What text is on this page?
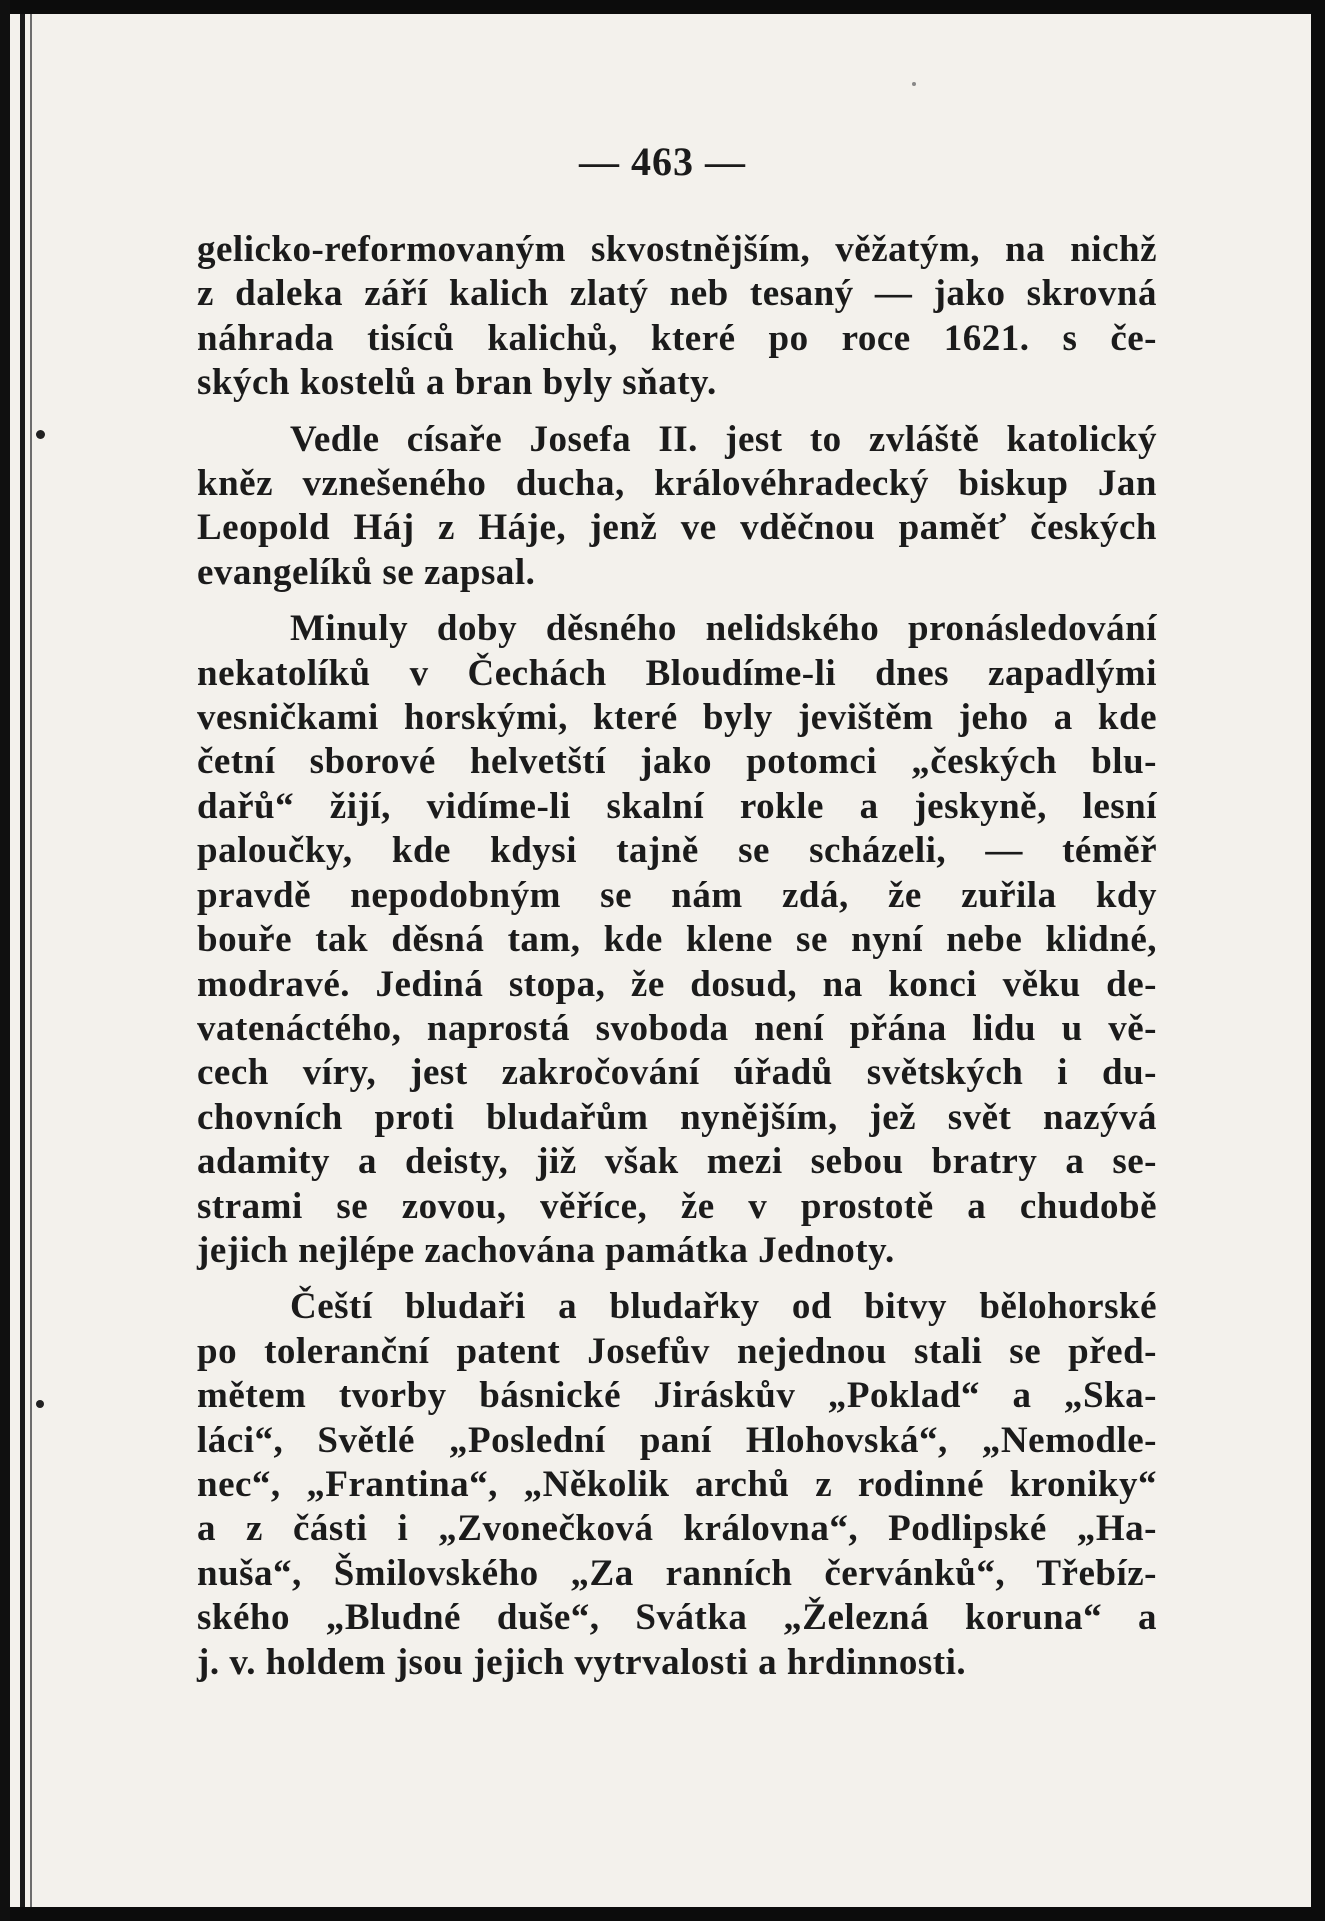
— 463 —
gelicko-reformovaným skvostnějším, věžatým, na nichž
z daleka září kalich zlatý neb tesaný — jako skrovná
náhrada tisíců kalichů, které po roce 1621. s če-
ských kostelů a bran byly sňaty.
Vedle císaře Josefa II. jest to zvláště katolický
kněz vznešeného ducha, královéhradecký biskup Jan
Leopold Háj z Háje, jenž ve vděčnou paměť českých
evangelíků se zapsal.
Minuly doby děsného nelidského pronásledování
nekatolíků v Čechách Bloudíme-li dnes zapadlými
vesničkami horskými, které byly jevištěm jeho a kde
četní sborové helvetští jako potomci „českých blu-
dařů“ žijí, vidíme-li skalní rokle a jeskyně, lesní
paloučky, kde kdysi tajně se scházeli, — téměř
pravdě nepodobným se nám zdá, že zuřila kdy
bouře tak děsná tam, kde klene se nyní nebe klidné,
modravé. Jediná stopa, že dosud, na konci věku de-
vatenáctého, naprostá svoboda není přána lidu u vě-
cech víry, jest zakročování úřadů světských i du-
chovních proti bludařům nynějším, jež svět nazývá
adamity a deisty, již však mezi sebou bratry a se-
strami se zovou, věříce, že v prostotě a chudobě
jejich nejlépe zachována památka Jednoty.
Čeští bludaři a bludařky od bitvy bělohorské
po toleranční patent Josefův nejednou stali se před-
mětem tvorby básnické Jiráskův „Poklad“ a „Ska-
láci“, Světlé „Poslední paní Hlohovská“, „Nemodle-
nec“, „Frantina“, „Několik archů z rodinné kroniky“
a z části i „Zvonečková královna“, Podlipské „Ha-
nuša“, Šmilovského „Za ranních červánků“, Třebíz-
ského „Bludné duše“, Svátka „Železná koruna“ a
j. v. holdem jsou jejich vytrvalosti a hrdinnosti.
